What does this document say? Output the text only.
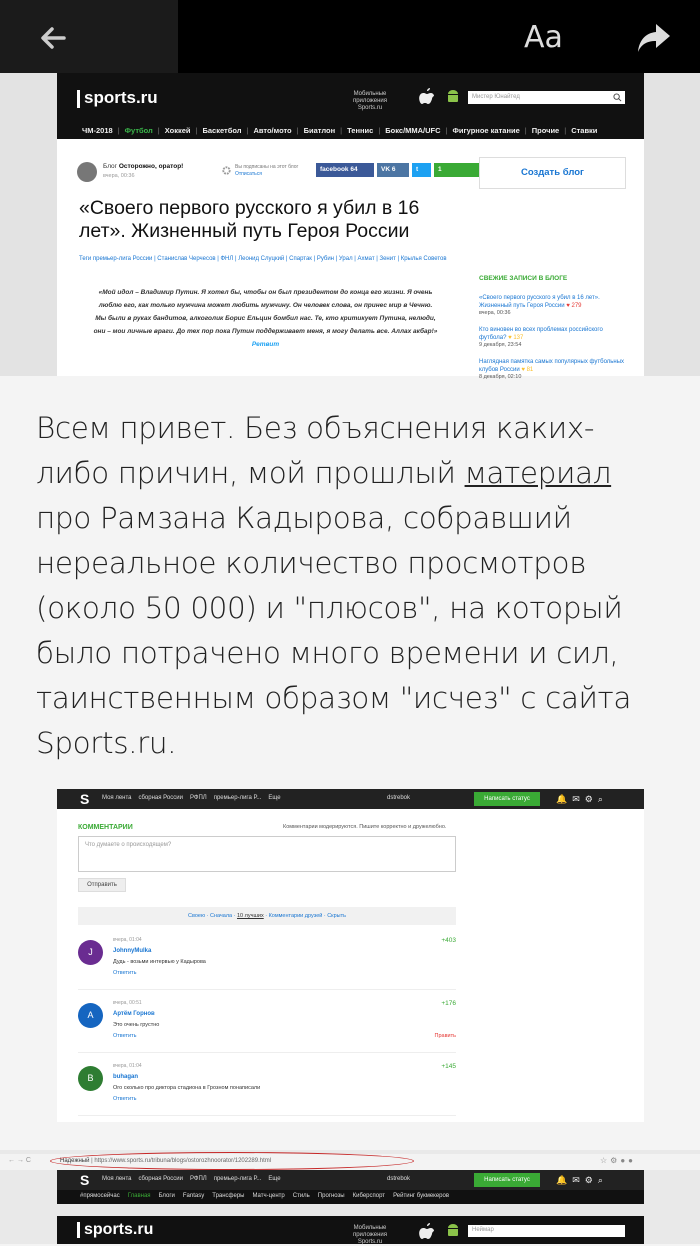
Aa
sports.ru	Мобильные приложения Sports.ru
Мистер Юнайтед
ЧМ-2018 | Футбол | Хоккей | Баскетбол | Авто/мото | Биатлон | Теннис | Бокс/MMA/UFC | Фигурное катание | Прочие | Ставки
Блог Осторожно, оратор!
вчера, 00:36
Вы подписаны на этот блог
Отписаться
facebook 64	VK 6	t	1	Создать блог
«Своего первого русского я убил в 16 лет». Жизненный путь Героя России
Теги премьер-лига России | Станислав Черчесов | ФНЛ | Леонид Слуцкий | Спартак | Рубин | Урал | Ахмат | Зенит | Крылья Советов
«Мой идол – Владимир Путин. Я хотел бы, чтобы он был президентом до конца его жизни. Я очень люблю его, как только мужчина может любить мужчину. Он человек слова, он принес мир в Чечню. Мы были в руках бандитов, алкоголик Борис Ельцин бомбил нас. Те, кто критикует Путина, нелюди, они – мои личные враги. До тех пор пока Путин поддерживает меня, я могу делать все. Аллах акбар!» Ретвит
СВЕЖИЕ ЗАПИСИ В БЛОГЕ
«Своего первого русского я убил в 16 лет». Жизненный путь Героя России ♥ 279
вчера, 00:36
Кто виновен во всех проблемах российского футбола? ♥ 137
9 декабря, 23:54
Наглядная памятка самых популярных футбольных клубов России ♥ 81
8 декабря, 02:10
Всем привет. Без объяснения каких-либо причин, мой прошлый материал про Рамзана Кадырова, собравший нереальное количество просмотров (около 50 000) и "плюсов", на который было потрачено много времени и сил, таинственным образом "исчез" с сайта Sports.ru.
S Моя лента сборная России РФПЛ премьер-лига Р... Еще	dstrebok	Написать статус	🔔✉⚙⌕
КОММЕНТАРИИ	Комментарии модерируются. Пишите корректно и дружелюбно.
Что думаете о происходящем?
Отправить
Своею · Сначала · 10 лучших · Комментарии друзей · Скрыть
J
вчера, 01:04
JohnnyMulka
Дудь - возьми интервью у Кадырова
Ответить
+403
А
вчера, 00:51
Артём Горнов
Это очень грустно
Ответить
+176
Править
B
вчера, 01:04
buhagan
Ого сколько про диктора стадиона в Грозном понаписали
Ответить
+145
← → C	Надежный | https://www.sports.ru/tribuna/blogs/ostorozhnoorator/1202289.html	☆⚙●●
S Моя лента сборная России РФПЛ премьер-лига Р... Еще	dstrebok	Написать статус	🔔✉⚙⌕
#прямосейчас Главная Блоги Fantasy Трансферы Матч-центр Стиль Прогнозы Киберспорт Рейтинг букмекеров
sports.ru	Мобильные приложения Sports.ru
Неймар
